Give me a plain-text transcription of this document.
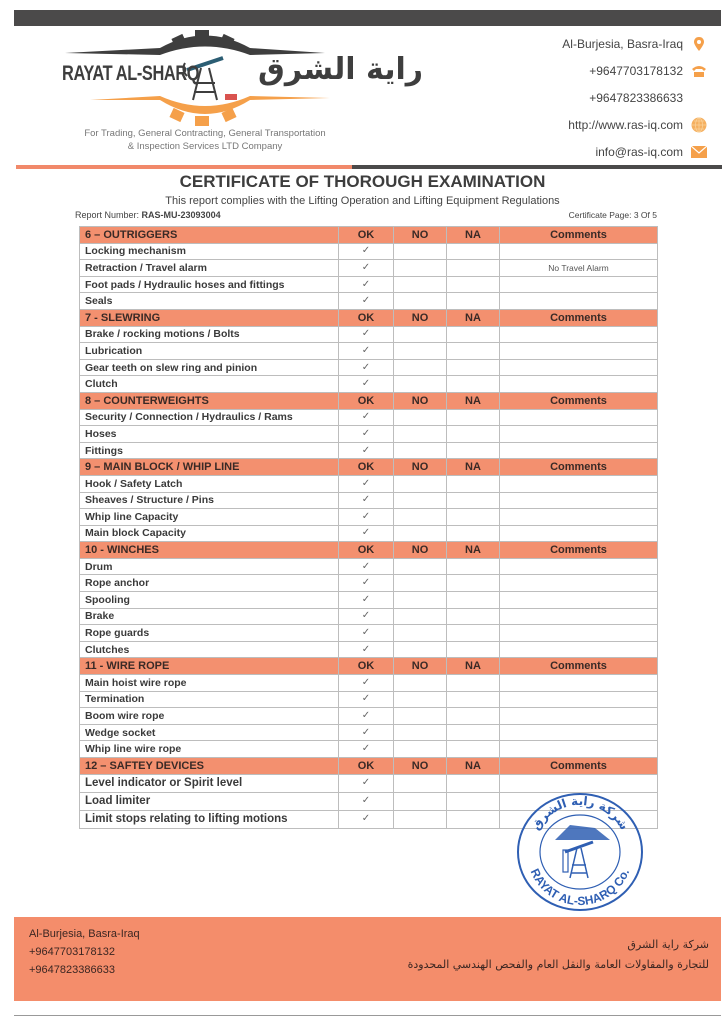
RAYAT AL-SHARQ راية الشرق
For Trading, General Contracting, General Transportation
& Inspection Services LTD Company
Al-Burjesia, Basra-Iraq
+9647703178132
+9647823386633
http://www.ras-iq.com
info@ras-iq.com
CERTIFICATE OF THOROUGH EXAMINATION
This report complies with the Lifting Operation and Lifting Equipment Regulations
Report Number: RAS-MU-23093004	Certificate Page: 3 Of 5
6 – OUTRIGGERS	OK	NO	NA	Comments
Locking mechanism	✓			
Retraction / Travel alarm	✓			No Travel Alarm
Foot pads / Hydraulic hoses and fittings	✓			
Seals	✓			
7 - SLEWRING	OK	NO	NA	Comments
Brake / rocking motions / Bolts	✓			
Lubrication	✓			
Gear teeth on slew ring and pinion	✓			
Clutch	✓			
8 – COUNTERWEIGHTS	OK	NO	NA	Comments
Security / Connection / Hydraulics / Rams	✓			
Hoses	✓			
Fittings	✓			
9 – MAIN BLOCK / WHIP LINE	OK	NO	NA	Comments
Hook / Safety Latch	✓			
Sheaves / Structure / Pins	✓			
Whip line Capacity	✓			
Main block Capacity	✓			
10 - WINCHES	OK	NO	NA	Comments
Drum	✓			
Rope anchor	✓			
Spooling	✓			
Brake	✓			
Rope guards	✓			
Clutches	✓			
11 - WIRE ROPE	OK	NO	NA	Comments
Main hoist wire rope	✓			
Termination	✓			
Boom wire rope	✓			
Wedge socket	✓			
Whip line wire rope	✓			
12 – SAFTEY DEVICES	OK	NO	NA	Comments
Level indicator or Spirit level	✓			
Load limiter	✓			
Limit stops relating to lifting motions	✓				شركة راية الشرق
RAYAT AL-SHARQ Co.
Al-Burjesia, Basra-Iraq
+9647703178132
+9647823386633
شركة راية الشرق
للتجارة والمقاولات العامة والنقل العام والفحص الهندسي المحدودة
